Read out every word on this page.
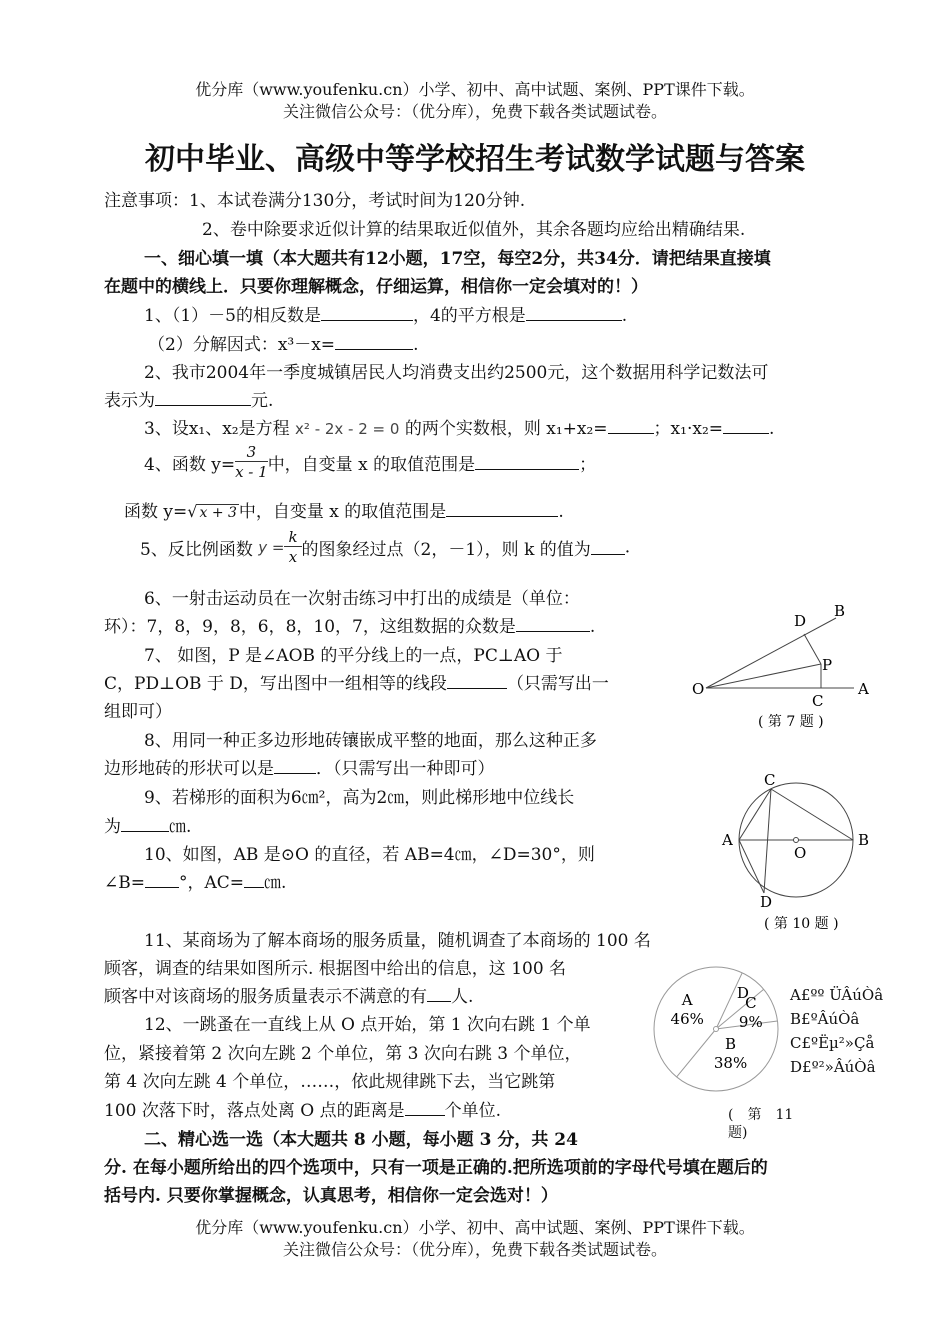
优分库（www.youfenku.cn）小学、初中、高中试题、案例、PPT课件下载。
关注微信公众号：（优分库），免费下载各类试题试卷。
初中毕业、高级中等学校招生考试数学试题与答案
注意事项：1、本试卷满分130分，考试时间为120分钟.
2、卷中除要求近似计算的结果取近似值外，其余各题均应给出精确结果.
一、细心填一填（本大题共有12小题，17空，每空2分，共34分．请把结果直接填
在题中的横线上．只要你理解概念，仔细运算，相信你一定会填对的！）
1、（1）－5的相反数是	，4的平方根是	.
（2）分解因式：x³－x=	.
2、我市2004年一季度城镇居民人均消费支出约2500元，这个数据用科学记数法可
表示为	元.
3、设x₁、x₂是方程 x² - 2x - 2 = 0 的两个实数根，则 x₁+x₂=	；x₁·x₂=	.
4、函数 $y= \frac{3}{x - 1}$ 中，自变量 x 的取值范围是	；
函数 y=√ x + 3 中，自变量 x 的取值范围是	.
5、反比例函数 $y = \frac{k}{x}$ 的图象经过点（2，－1），则 k 的值为 .
6、一射击运动员在一次射击练习中打出的成绩是（单位：
环）：7，8，9，8，6，8，10，7，这组数据的众数是	.
7、 如图，P 是∠AOB 的平分线上的一点，PC⊥AO 于
C，PD⊥OB 于 D，写出图中一组相等的线段	（只需写出一
组即可）
8、用同一种正多边形地砖镶嵌成平整的地面，那么这种正多
边形地砖的形状可以是 ．（只需写出一种即可）
9、若梯形的面积为6㎝²，高为2㎝，则此梯形地中位线长
为	㎝.
10、如图，AB 是⊙O 的直径，若 AB=4㎝，∠D=30°，则
∠B= °，AC= ㎝.
11、某商场为了解本商场的服务质量，随机调查了本商场的 100 名
顾客，调查的结果如图所示. 根据图中给出的信息，这 100 名
顾客中对该商场的服务质量表示不满意的有 人.
12、一跳蚤在一直线上从 O 点开始，第 1 次向右跳 1 个单
位，紧接着第 2 次向左跳 2 个单位，第 3 次向右跳 3 个单位，
第 4 次向左跳 4 个单位，……，依此规律跳下去，当它跳第
100 次落下时，落点处离 O 点的距离是 个单位.
二、精心选一选（本大题共 8 小题，每小题 3 分，共 24
分. 在每小题所给出的四个选项中，只有一项是正确的.把所选项前的字母代号填在题后的
括号内. 只要你掌握概念，认真思考，相信你一定会选对！）
优分库（www.youfenku.cn）小学、初中、高中试题、案例、PPT课件下载。
关注微信公众号：（优分库），免费下载各类试题试卷。
B
D
P
O
C
A
( 第 7 题 )
C
A	B
O
D
( 第 10 题 )
A
46%
B
38%
C
9%
D	A£ºº ÜÂúÒâ
B£ºÂúÒâ
C£ºËµ²»Çå
D£º²»ÂúÒâ
(　第　11
题)
